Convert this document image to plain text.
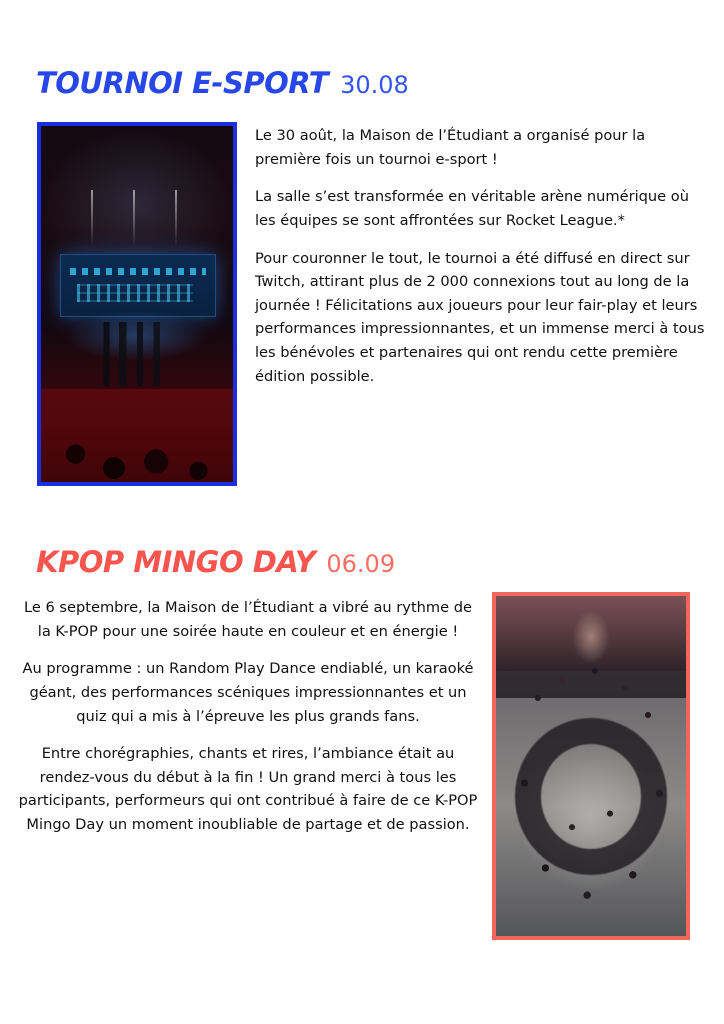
TOURNOI E-SPORT 30.08

Le 30 août, la Maison de l’Étudiant a organisé pour la première fois un tournoi e-sport !

La salle s’est transformée en véritable arène numérique où les équipes se sont affrontées sur Rocket League.*

Pour couronner le tout, le tournoi a été diffusé en direct sur Twitch, attirant plus de 2 000 connexions tout au long de la journée ! Félicitations aux joueurs pour leur fair-play et leurs performances impressionnantes, et un immense merci à tous les bénévoles et partenaires qui ont rendu cette première édition possible.

KPOP MINGO DAY 06.09

Le 6 septembre, la Maison de l’Étudiant a vibré au rythme de la K-POP pour une soirée haute en couleur et en énergie !

Au programme : un Random Play Dance endiablé, un karaoké géant, des performances scéniques impressionnantes et un quiz qui a mis à l’épreuve les plus grands fans.

Entre chorégraphies, chants et rires, l’ambiance était au rendez-vous du début à la fin ! Un grand merci à tous les participants, performeurs qui ont contribué à faire de ce K-POP Mingo Day un moment inoubliable de partage et de passion.
